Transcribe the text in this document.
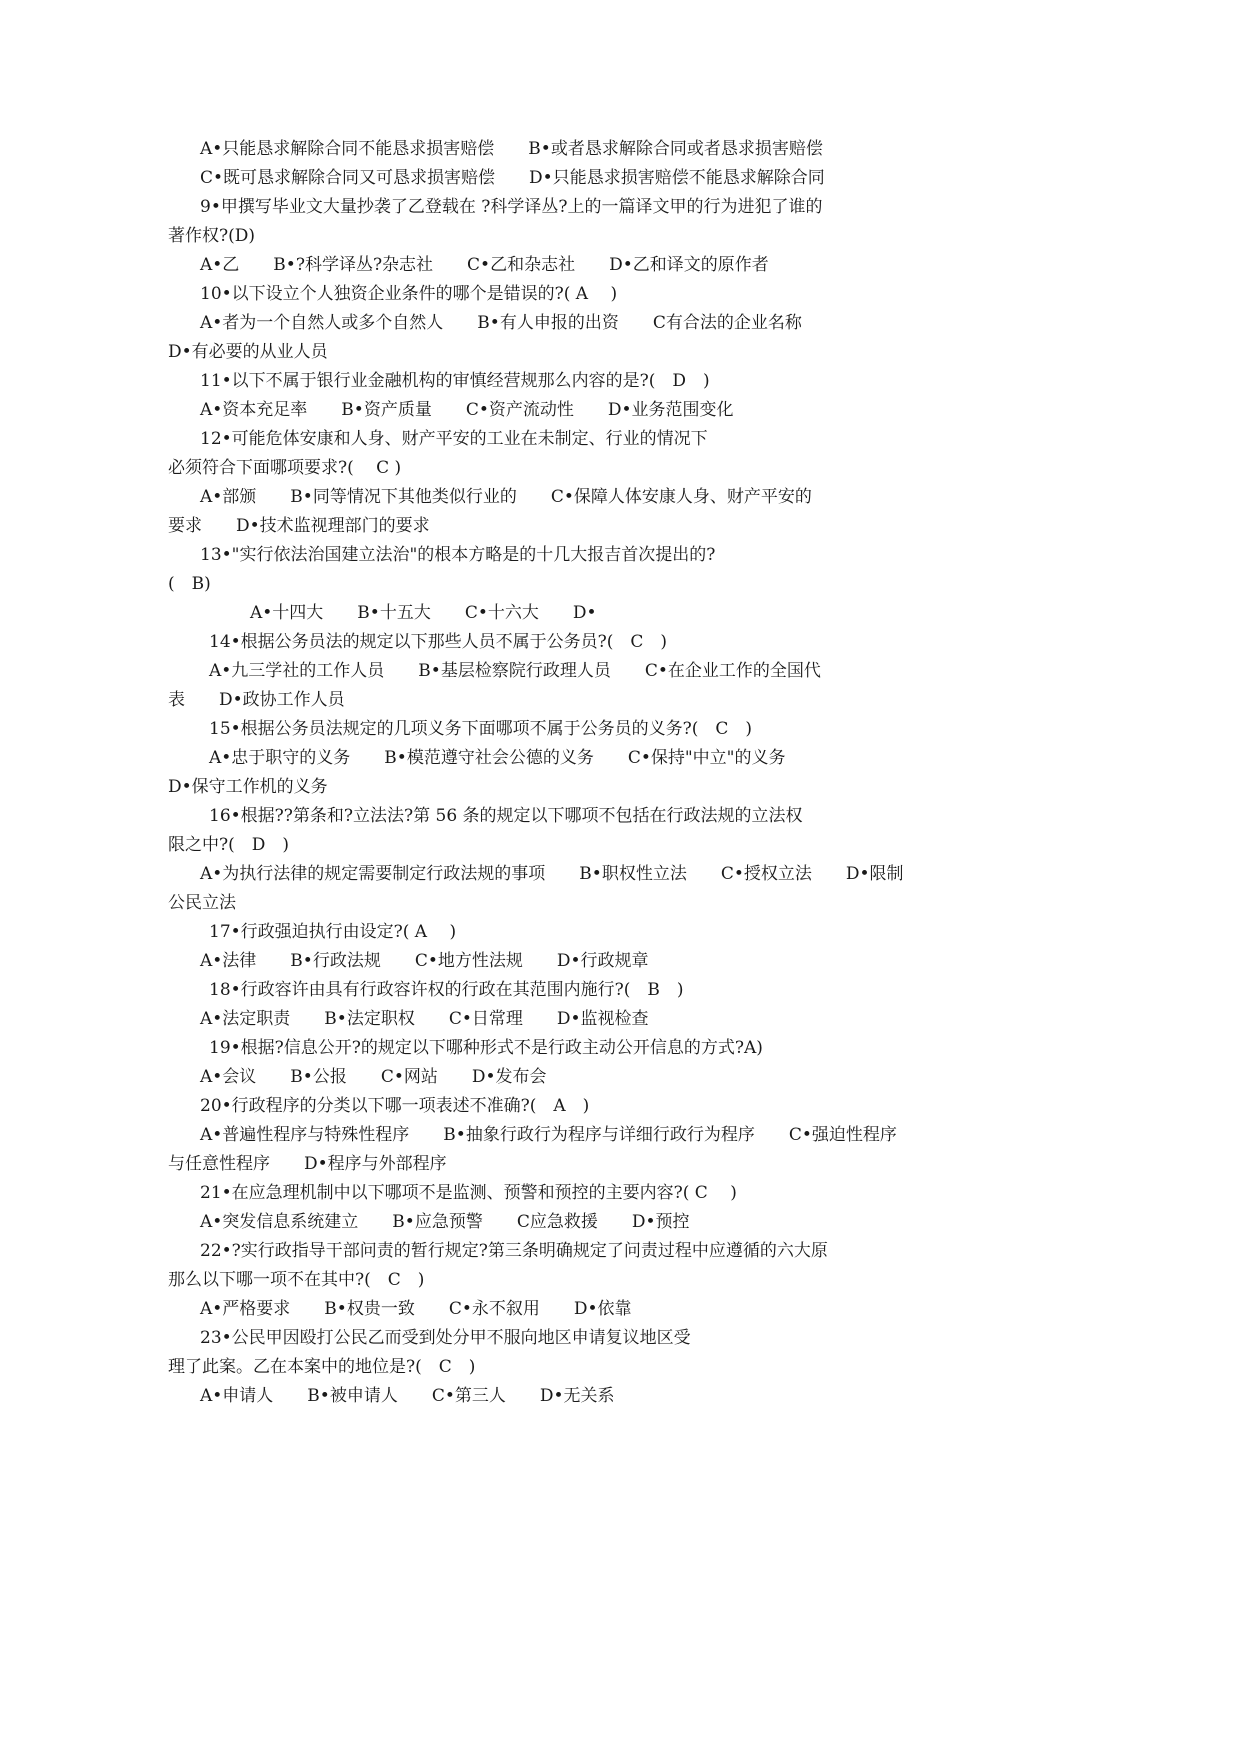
A•只能恳求解除合同不能恳求损害赔偿　　B•或者恳求解除合同或者恳求损害赔偿
C•既可恳求解除合同又可恳求损害赔偿　　D•只能恳求损害赔偿不能恳求解除合同
9•甲撰写毕业文大量抄袭了乙登载在 ?科学译丛?上的一篇译文甲的行为进犯了谁的
著作权?(D)
A•乙　　B•?科学译丛?杂志社　　C•乙和杂志社　　D•乙和译文的原作者
10•以下设立个人独资企业条件的哪个是错误的?( A　 )
A•者为一个自然人或多个自然人　　B•有人申报的出资　　C有合法的企业名称
D•有必要的从业人员
11•以下不属于银行业金融机构的审慎经营规那么内容的是?(　D　)
A•资本充足率　　B•资产质量　　C•资产流动性　　D•业务范围变化
12•可能危体安康和人身、财产平安的工业在未制定、行业的情况下
必须符合下面哪项要求?(　 C )
A•部颁　　B•同等情况下其他类似行业的　　C•保障人体安康人身、财产平安的
要求　　D•技术监视理部门的要求
13•"实行依法治国建立法治"的根本方略是的十几大报吉首次提出的?
(　B)
A•十四大　　B•十五大　　C•十六大　　D•
14•根据公务员法的规定以下那些人员不属于公务员?(　C　)
A•九三学社的工作人员　　B•基层检察院行政理人员　　C•在企业工作的全国代
表　　D•政协工作人员
15•根据公务员法规定的几项义务下面哪项不属于公务员的义务?(　C　)
A•忠于职守的义务　　B•模范遵守社会公德的义务　　C•保持"中立"的义务
D•保守工作机的义务
16•根据??第条和?立法法?第 56 条的规定以下哪项不包括在行政法规的立法权
限之中?(　D　)
A•为执行法律的规定需要制定行政法规的事项　　B•职权性立法　　C•授权立法　　D•限制
公民立法
17•行政强迫执行由设定?( A　 )
A•法律　　B•行政法规　　C•地方性法规　　D•行政规章
18•行政容许由具有行政容许权的行政在其范围内施行?(　B　)
A•法定职责　　B•法定职权　　C•日常理　　D•监视检查
19•根据?信息公开?的规定以下哪种形式不是行政主动公开信息的方式?A)
A•会议　　B•公报　　C•网站　　D•发布会
20•行政程序的分类以下哪一项表述不准确?(　A　)
A•普遍性程序与特殊性程序　　B•抽象行政行为程序与详细行政行为程序　　C•强迫性程序
与任意性程序　　D•程序与外部程序
21•在应急理机制中以下哪项不是监测、预警和预控的主要内容?( C　 )
A•突发信息系统建立　　B•应急预警　　C应急救援　　D•预控
22•?实行政指导干部问责的暂行规定?第三条明确规定了问责过程中应遵循的六大原
那么以下哪一项不在其中?(　C　)
A•严格要求　　B•权贵一致　　C•永不叙用　　D•依靠
23•公民甲因殴打公民乙而受到处分甲不服向地区申请复议地区受
理了此案。乙在本案中的地位是?(　C　)
A•申请人　　B•被申请人　　C•第三人　　D•无关系
